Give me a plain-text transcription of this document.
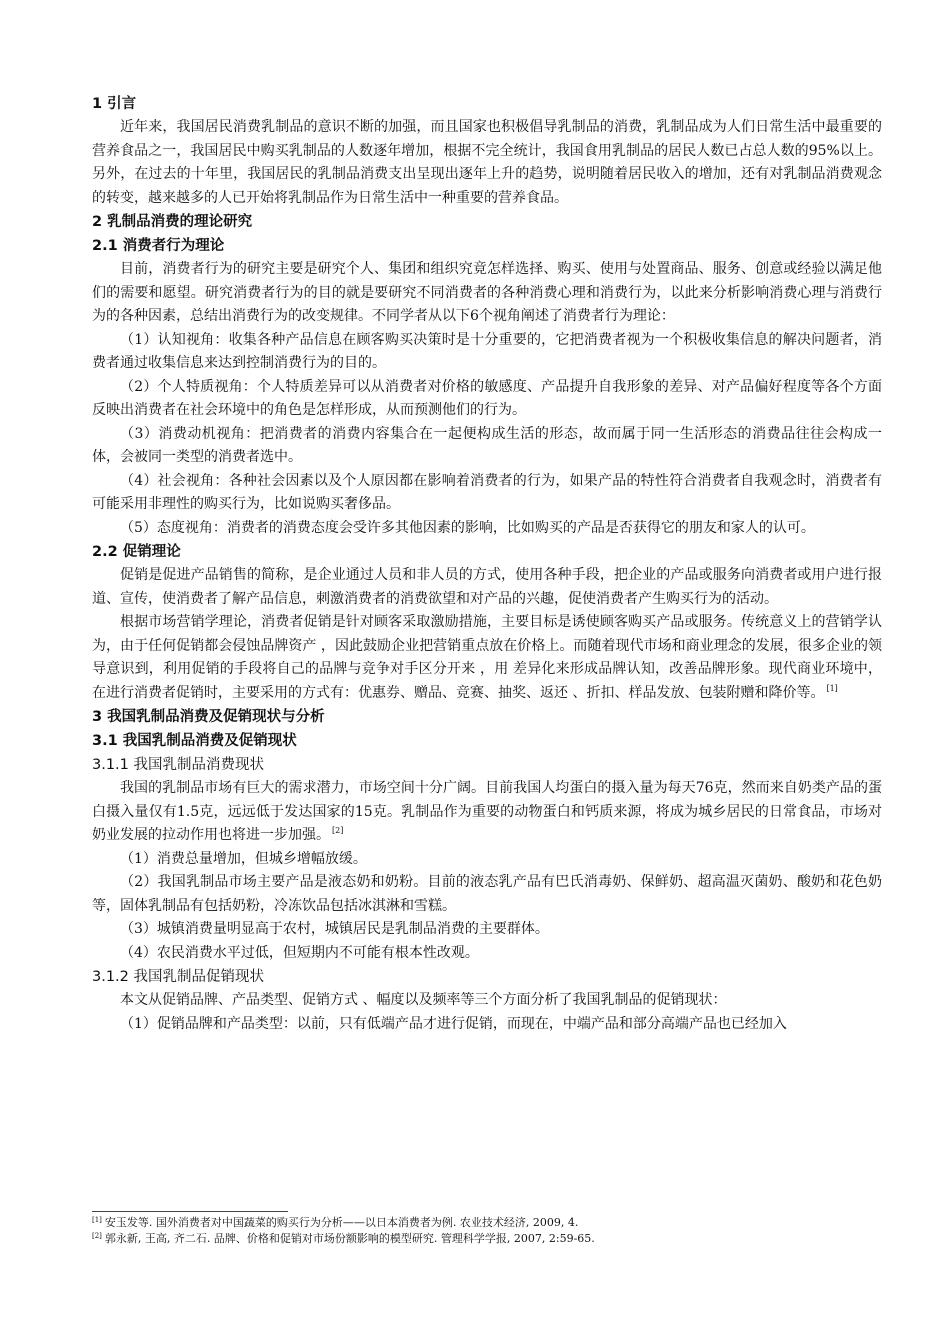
1 引言

近年来，我国居民消费乳制品的意识不断的加强，而且国家也积极倡导乳制品的消费，乳制品成为人们日常生活中最重要的营养食品之一，我国居民中购买乳制品的人数逐年增加，根据不完全统计，我国食用乳制品的居民人数已占总人数的95%以上。另外，在过去的十年里，我国居民的乳制品消费支出呈现出逐年上升的趋势，说明随着居民收入的增加，还有对乳制品消费观念的转变，越来越多的人已开始将乳制品作为日常生活中一种重要的营养食品。

2 乳制品消费的理论研究
2.1 消费者行为理论

目前，消费者行为的研究主要是研究个人、集团和组织究竟怎样选择、购买、使用与处置商品、服务、创意或经验以满足他们的需要和愿望。研究消费者行为的目的就是要研究不同消费者的各种消费心理和消费行为，以此来分析影响消费心理与消费行为的各种因素，总结出消费行为的改变规律。不同学者从以下6个视角阐述了消费者行为理论：

（1）认知视角：收集各种产品信息在顾客购买决策时是十分重要的，它把消费者视为一个积极收集信息的解决问题者，消费者通过收集信息来达到控制消费行为的目的。

（2）个人特质视角：个人特质差异可以从消费者对价格的敏感度、产品提升自我形象的差异、对产品偏好程度等各个方面反映出消费者在社会环境中的角色是怎样形成，从而预测他们的行为。

（3）消费动机视角：把消费者的消费内容集合在一起便构成生活的形态，故而属于同一生活形态的消费品往往会构成一体，会被同一类型的消费者选中。

（4）社会视角：各种社会因素以及个人原因都在影响着消费者的行为，如果产品的特性符合消费者自我观念时，消费者有可能采用非理性的购买行为，比如说购买奢侈品。

（5）态度视角：消费者的消费态度会受许多其他因素的影响，比如购买的产品是否获得它的朋友和家人的认可。

2.2 促销理论

促销是促进产品销售的简称，是企业通过人员和非人员的方式，使用各种手段，把企业的产品或服务向消费者或用户进行报道、宣传，使消费者了解产品信息，刺激消费者的消费欲望和对产品的兴趣，促使消费者产生购买行为的活动。

根据市场营销学理论，消费者促销是针对顾客采取激励措施，主要目标是诱使顾客购买产品或服务。传统意义上的营销学认为，由于任何促销都会侵蚀品牌资产 ，因此鼓励企业把营销重点放在价格上。而随着现代市场和商业理念的发展，很多企业的领导意识到，利用促销的手段将自己的品牌与竞争对手区分开来 ，用 差异化来形成品牌认知，改善品牌形象。现代商业环境中，在进行消费者促销时，主要采用的方式有：优惠券、赠品、竞赛、抽奖、返还 、折扣、样品发放、包装附赠和降价等。 [1]

3 我国乳制品消费及促销现状与分析
3.1 我国乳制品消费及促销现状
3.1.1 我国乳制品消费现状

我国的乳制品市场有巨大的需求潜力，市场空间十分广阔。目前我国人均蛋白的摄入量为每天76克，然而来自奶类产品的蛋白摄入量仅有1.5克，远远低于发达国家的15克。乳制品作为重要的动物蛋白和钙质来源，将成为城乡居民的日常食品，市场对奶业发展的拉动作用也将进一步加强。 [2]

（1）消费总量增加，但城乡增幅放缓。

（2）我国乳制品市场主要产品是液态奶和奶粉。目前的液态乳产品有巴氏消毒奶、保鲜奶、超高温灭菌奶、酸奶和花色奶等，固体乳制品有包括奶粉，冷冻饮品包括冰淇淋和雪糕。

（3）城镇消费量明显高于农村，城镇居民是乳制品消费的主要群体。

（4）农民消费水平过低，但短期内不可能有根本性改观。

3.1.2 我国乳制品促销现状

本文从促销品牌、产品类型、促销方式 、幅度以及频率等三个方面分析了我国乳制品的促销现状：

（1）促销品牌和产品类型：以前，只有低端产品才进行促销，而现在，中端产品和部分高端产品也已经加入

[1] 安玉发等. 国外消费者对中国蔬菜的购买行为分析——以日本消费者为例. 农业技术经济, 2009, 4.

[2] 郭永新, 王高, 齐二石. 品牌、价格和促销对市场份额影响的模型研究. 管理科学学报, 2007, 2:59-65.
